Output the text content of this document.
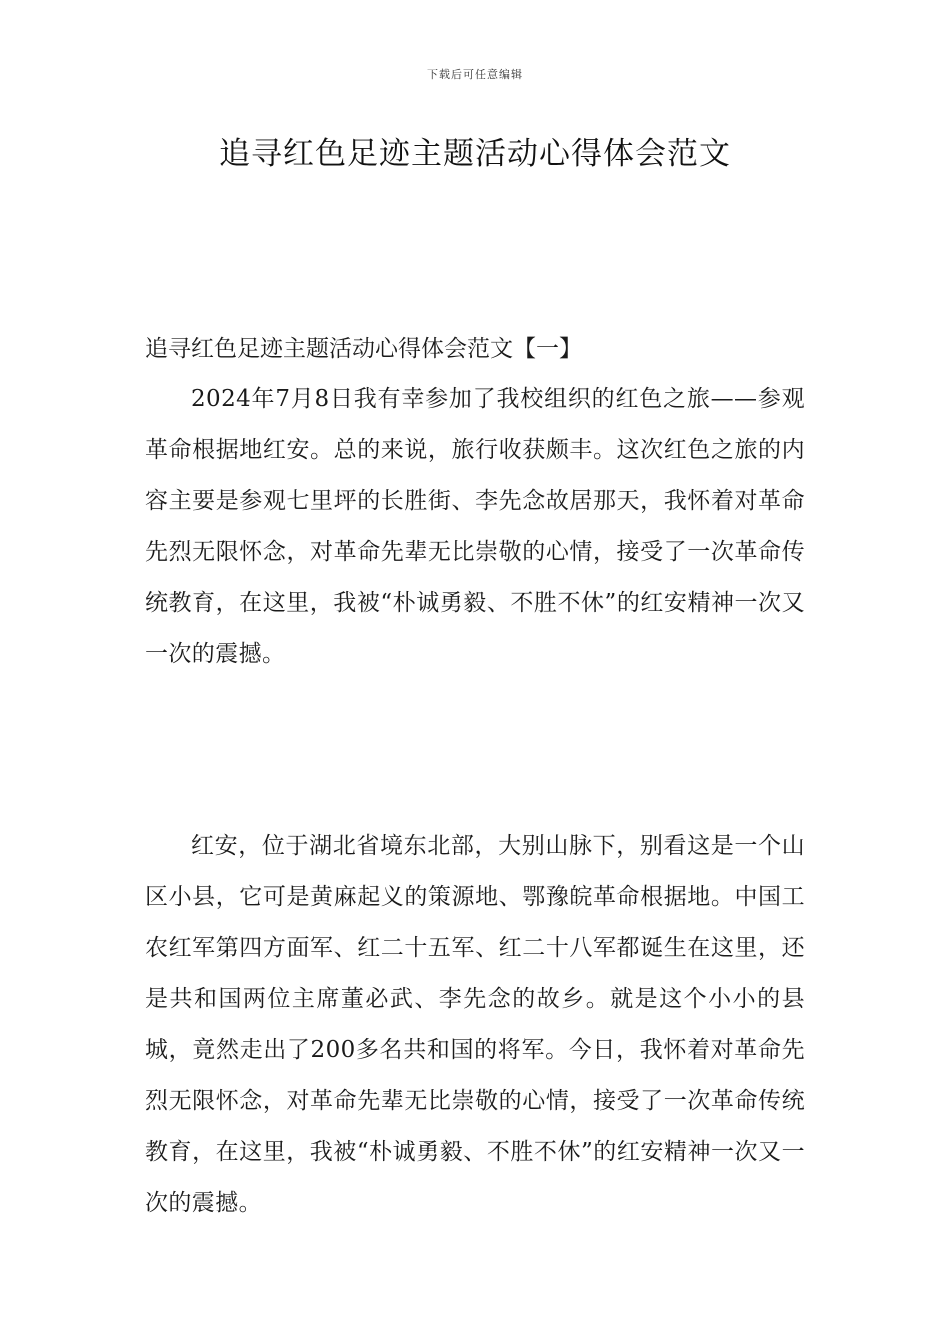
下载后可任意编辑
追寻红色足迹主题活动心得体会范文
追寻红色足迹主题活动心得体会范文【一】

2024年7月8日我有幸参加了我校组织的红色之旅——参观革命根据地红安。总的来说，旅行收获颇丰。这次红色之旅的内容主要是参观七里坪的长胜街、李先念故居那天，我怀着对革命先烈无限怀念，对革命先辈无比崇敬的心情，接受了一次革命传统教育，在这里，我被“朴诚勇毅、不胜不休”的红安精神一次又一次的震撼。

红安，位于湖北省境东北部，大别山脉下，别看这是一个山区小县，它可是黄麻起义的策源地、鄂豫皖革命根据地。中国工农红军第四方面军、红二十五军、红二十八军都诞生在这里，还是共和国两位主席董必武、李先念的故乡。就是这个小小的县城，竟然走出了200多名共和国的将军。今日，我怀着对革命先烈无限怀念，对革命先辈无比崇敬的心情，接受了一次革命传统教育，在这里，我被“朴诚勇毅、不胜不休”的红安精神一次又一次的震撼。
